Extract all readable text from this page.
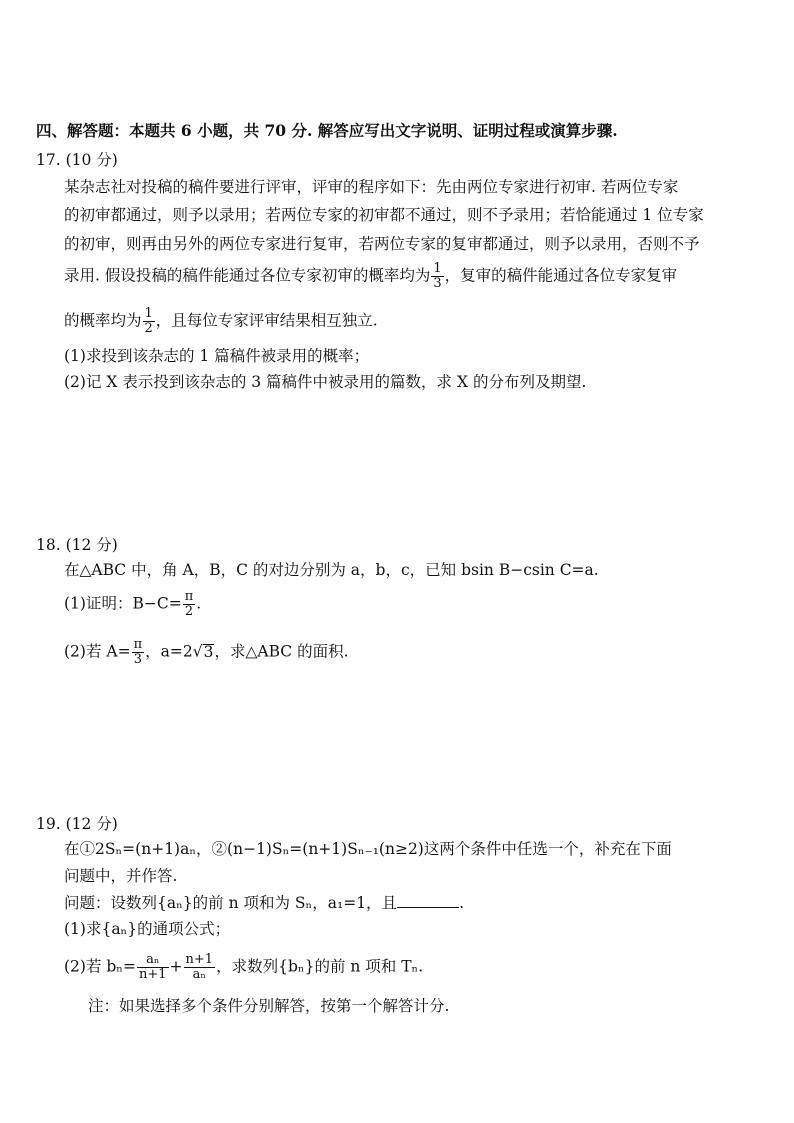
四、解答题：本题共 6 小题，共 70 分. 解答应写出文字说明、证明过程或演算步骤.
17. (10 分)
某杂志社对投稿的稿件要进行评审，评审的程序如下：先由两位专家进行初审. 若两位专家
的初审都通过，则予以录用；若两位专家的初审都不通过，则不予录用；若恰能通过 1 位专家
的初审，则再由另外的两位专家进行复审，若两位专家的复审都通过，则予以录用，否则不予
录用. 假设投稿的稿件能通过各位专家初审的概率均为 $\frac{1}{3}$ ，复审的稿件能通过各位专家复审
的概率均为 $\frac{1}{2}$ ，且每位专家评审结果相互独立.
(1)求投到该杂志的 1 篇稿件被录用的概率；
(2)记 X 表示投到该杂志的 3 篇稿件中被录用的篇数，求 X 的分布列及期望.
18. (12 分)
在△ABC 中，角 A，B，C 的对边分别为 a，b，c，已知 bsin B−csin C=a.
(1)证明：$B-C= \frac{\pi}{2}$ .
(2)若 $A= \frac{\pi}{3}$ ，a=2√3，求△ABC 的面积.
19. (12 分)
在①2Sₙ=(n+1)aₙ，②(n−1)Sₙ=(n+1)Sₙ₋₁(n≥2)这两个条件中任选一个，补充在下面
问题中，并作答.
问题：设数列{aₙ}的前 n 项和为 Sₙ，a₁=1，且	.
(1)求{aₙ}的通项公式；
(2)若 $b_n= \frac{\text{aₙ}}{n+1} + \frac{n+1}{\text{aₙ}}$ ，求数列{bₙ}的前 n 项和 Tₙ.
注：如果选择多个条件分别解答，按第一个解答计分.
